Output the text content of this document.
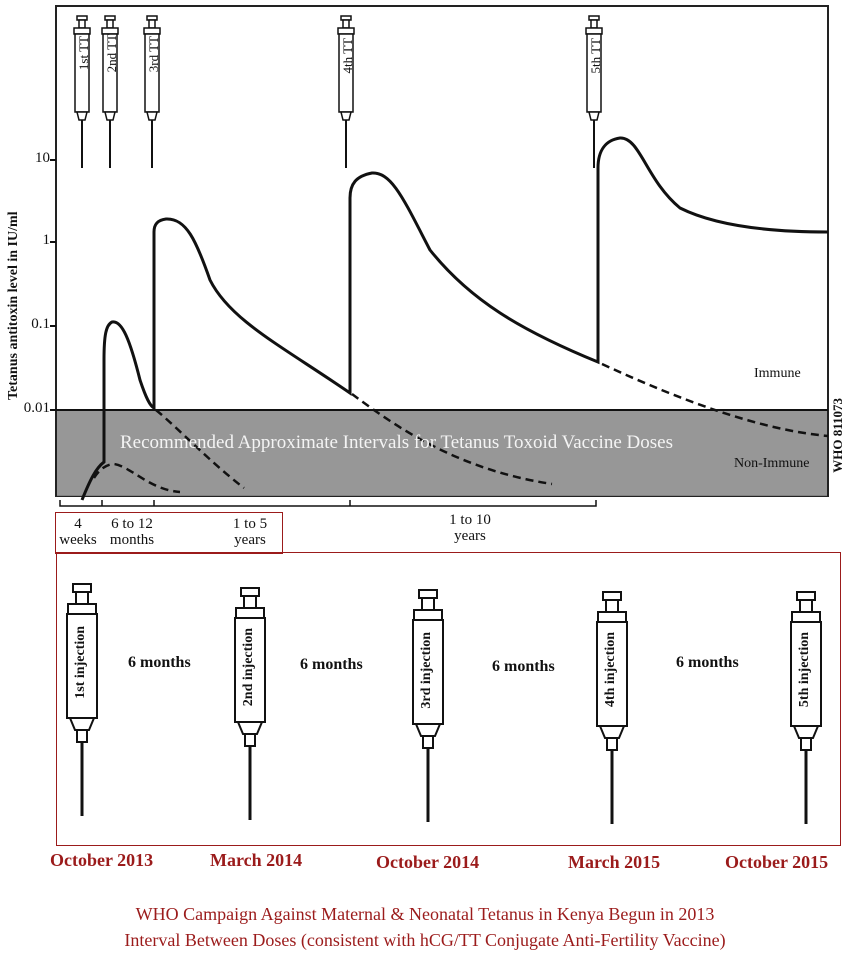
1st TT 2nd TT 3rd TT	4th TT	5th TT
Tetanus antitoxin level in IU/ml
10
1
0.1
0.01
Immune
Non-Immune
Recommended Approximate Intervals for Tetanus Toxoid Vaccine Doses	WHO 811073
4
weeks
6 to 12
months
1 to 5
years
1 to 10
years
1st injection	2nd injection	3rd injection	4th injection	5th injection
6 months	6 months	6 months	6 months
October 2013	March 2014	October 2014	March 2015	October 2015
WHO Campaign Against Maternal & Neonatal Tetanus in Kenya Begun in 2013
Interval Between Doses (consistent with hCG/TT Conjugate Anti-Fertility Vaccine)
